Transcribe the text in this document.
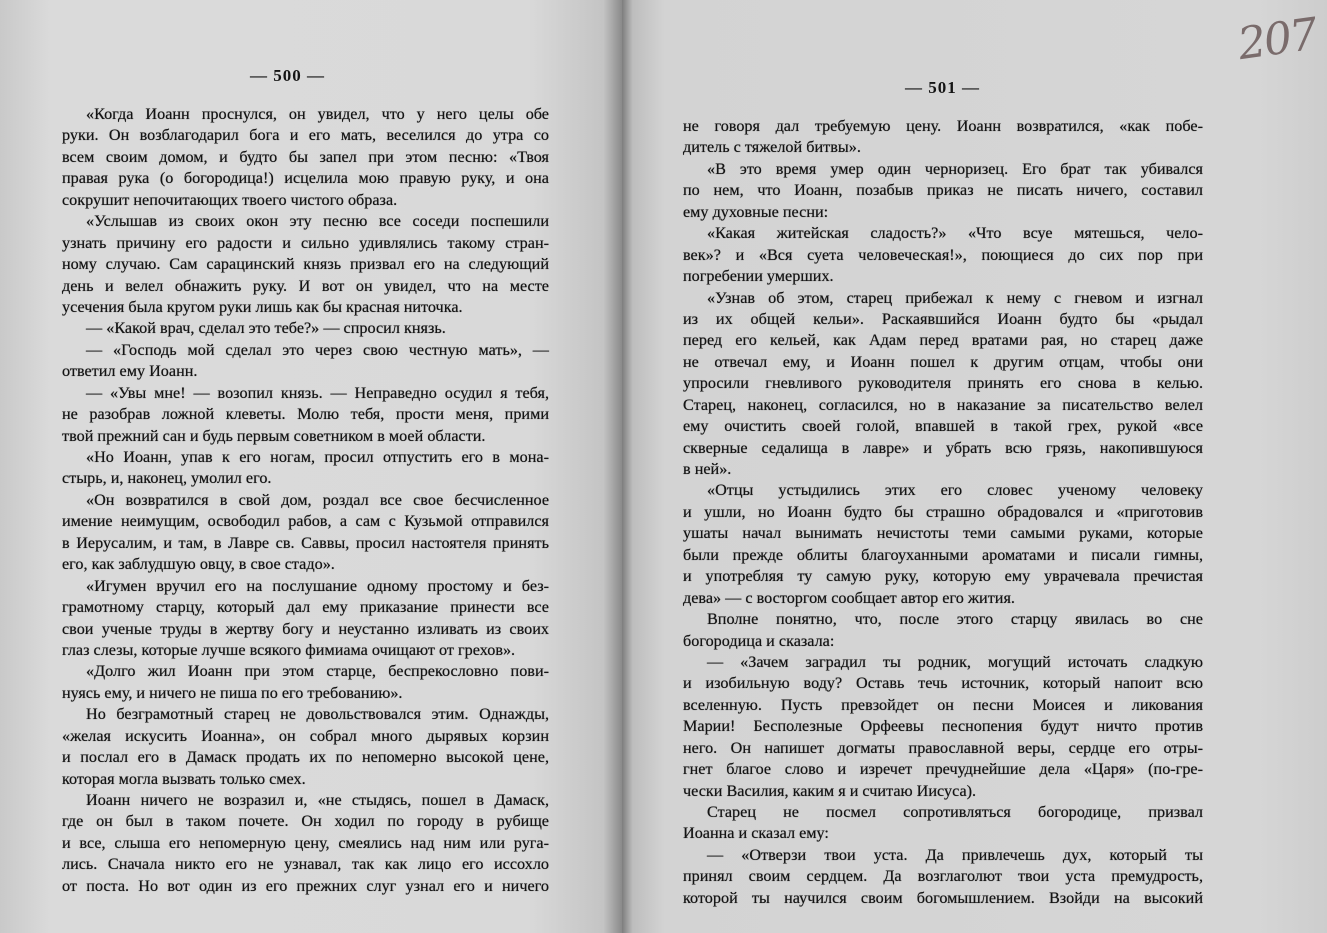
— 500 —
«Когда Иоанн проснулся, он увидел, что у него целы обе
руки. Он возблагодарил бога и его мать, веселился до утра со
всем своим домом, и будто бы запел при этом песню: «Твоя
правая рука (о богородица!) исцелила мою правую руку, и она
сокрушит непочитающих твоего чистого образа.
«Услышав из своих окон эту песню все соседи поспешили
узнать причину его радости и сильно удивлялись такому стран-
ному случаю. Сам сарацинский князь призвал его на следующий
день и велел обнажить руку. И вот он увидел, что на месте
усечения была кругом руки лишь как бы красная ниточка.
— «Какой врач, сделал это тебе?» — спросил князь.
— «Господь мой сделал это через свою честную мать», —
ответил ему Иоанн.
— «Увы мне! — возопил князь. — Неправедно осудил я тебя,
не разобрав ложной клеветы. Молю тебя, прости меня, прими
твой прежний сан и будь первым советником в моей области.
«Но Иоанн, упав к его ногам, просил отпустить его в мона-
стырь, и, наконец, умолил его.
«Он возвратился в свой дом, роздал все свое бесчисленное
имение неимущим, освободил рабов, а сам с Кузьмой отправился
в Иерусалим, и там, в Лавре св. Саввы, просил настоятеля принять
его, как заблудшую овцу, в свое стадо».
«Игумен вручил его на послушание одному простому и без-
грамотному старцу, который дал ему приказание принести все
свои ученые труды в жертву богу и неустанно изливать из своих
глаз слезы, которые лучше всякого фимиама очищают от грехов».
«Долго жил Иоанн при этом старце, беспрекословно пови-
нуясь ему, и ничего не пиша по его требованию».
Но безграмотный старец не довольствовался этим. Однажды,
«желая искусить Иоанна», он собрал много дырявых корзин
и послал его в Дамаск продать их по непомерно высокой цене,
которая могла вызвать только смех.
Иоанн ничего не возразил и, «не стыдясь, пошел в Дамаск,
где он был в таком почете. Он ходил по городу в рубище
и все, слыша его непомерную цену, смеялись над ним или руга-
лись. Сначала никто его не узнавал, так как лицо его иссохло
от поста. Но вот один из его прежних слуг узнал его и ничего
— 501 —
не говоря дал требуемую цену. Иоанн возвратился, «как побе-
дитель с тяжелой битвы».
«В это время умер один черноризец. Его брат так убивался
по нем, что Иоанн, позабыв приказ не писать ничего, составил
ему духовные песни:
«Какая житейская сладость?» «Что всуе мятешься, чело-
век»? и «Вся суета человеческая!», поющиеся до сих пор при
погребении умерших.
«Узнав об этом, старец прибежал к нему с гневом и изгнал
из их общей кельи». Раскаявшийся Иоанн будто бы «рыдал
перед его кельей, как Адам перед вратами рая, но старец даже
не отвечал ему, и Иоанн пошел к другим отцам, чтобы они
упросили гневливого руководителя принять его снова в келью.
Старец, наконец, согласился, но в наказание за писательство велел
ему очистить своей голой, впавшей в такой грех, рукой «все
скверные седалища в лавре» и убрать всю грязь, накопившуюся
в ней».
«Отцы устыдились этих его словес ученому человеку
и ушли, но Иоанн будто бы страшно обрадовался и «приготовив
ушаты начал вынимать нечистоты теми самыми руками, которые
были прежде облиты благоуханными ароматами и писали гимны,
и употребляя ту самую руку, которую ему уврачевала пречистая
дева» — с восторгом сообщает автор его жития.
Вполне понятно, что, после этого старцу явилась во сне
богородица и сказала:
— «Зачем заградил ты родник, могущий источать сладкую
и изобильную воду? Оставь течь источник, который напоит всю
вселенную. Пусть превзойдет он песни Моисея и ликования
Марии! Бесполезные Орфеевы песнопения будут ничто против
него. Он напишет догматы православной веры, сердце его отры-
гнет благое слово и изречет пречуднейшие дела «Царя» (по-гре-
чески Василия, каким я и считаю Иисуса).
Старец не посмел сопротивляться богородице, призвал
Иоанна и сказал ему:
— «Отверзи твои уста. Да привлечешь дух, который ты
принял своим сердцем. Да возглаголют твои уста премудрость,
которой ты научился своим богомышлением. Взойди на высокий
207
